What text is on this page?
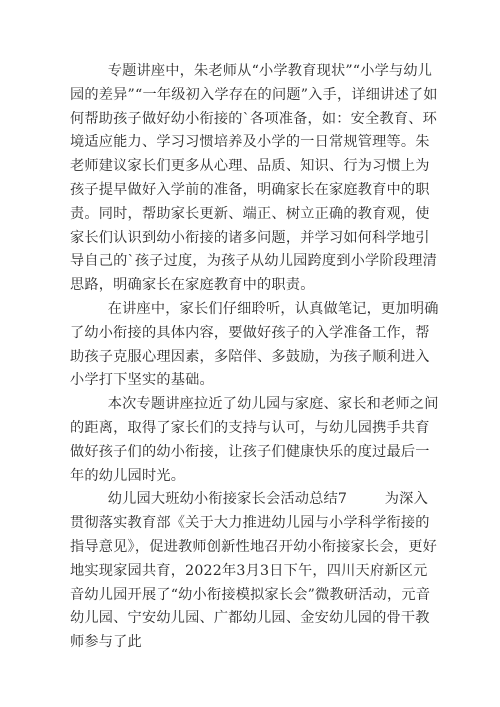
专题讲座中，朱老师从“小学教育现状”“小学与幼儿园的差异”“一年级初入学存在的问题”入手，详细讲述了如何帮助孩子做好幼小衔接的`各项准备，如：安全教育、环境适应能力、学习习惯培养及小学的一日常规管理等。朱老师建议家长们更多从心理、品质、知识、行为习惯上为孩子提早做好入学前的准备，明确家长在家庭教育中的职责。同时，帮助家长更新、端正、树立正确的教育观，使家长们认识到幼小衔接的诸多问题，并学习如何科学地引导自己的`孩子过度，为孩子从幼儿园跨度到小学阶段理清思路，明确家长在家庭教育中的职责。

在讲座中，家长们仔细聆听，认真做笔记，更加明确了幼小衔接的具体内容，要做好孩子的入学准备工作，帮助孩子克服心理因素，多陪伴、多鼓励，为孩子顺利进入小学打下坚实的基础。

本次专题讲座拉近了幼儿园与家庭、家长和老师之间的距离，取得了家长们的支持与认可，与幼儿园携手共育做好孩子们的幼小衔接，让孩子们健康快乐的度过最后一年的幼儿园时光。

幼儿园大班幼小衔接家长会活动总结7        为深入贯彻落实教育部《关于大力推进幼儿园与小学科学衔接的指导意见》，促进教师创新性地召开幼小衔接家长会，更好地实现家园共育，2022年3月3日下午，四川天府新区元音幼儿园开展了“幼小衔接模拟家长会”微教研活动，元音幼儿园、宁安幼儿园、广都幼儿园、金安幼儿园的骨干教师参与了此
